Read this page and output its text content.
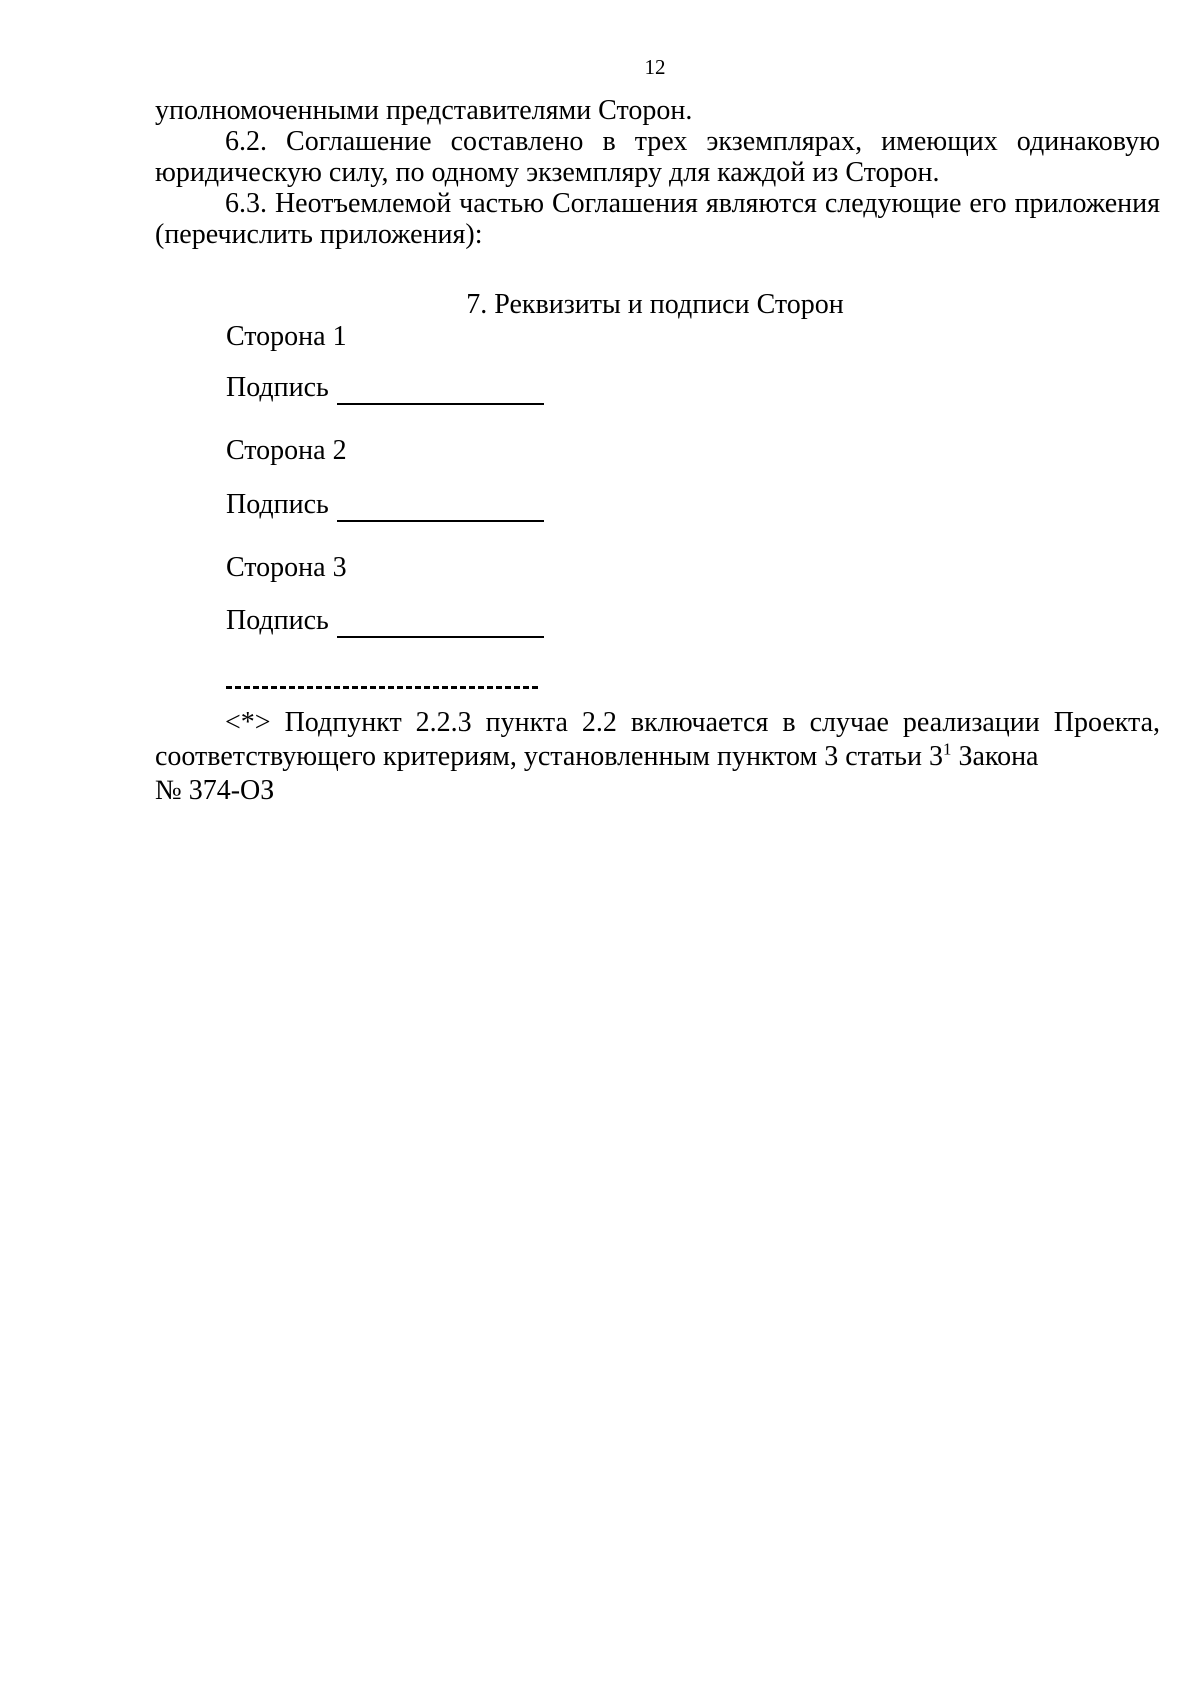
12

уполномоченными представителями Сторон.

6.2. Соглашение составлено в трех экземплярах, имеющих одинаковую юридическую силу, по одному экземпляру для каждой из Сторон.

6.3. Неотъемлемой частью Соглашения являются следующие его приложения (перечислить приложения):

7. Реквизиты и подписи Сторон
Сторона 1
Подпись
Сторона 2
Подпись
Сторона 3
Подпись

<*> Подпункт 2.2.3 пункта 2.2 включается в случае реализации Проекта, соответствующего критериям, установленным пунктом 3 статьи $3^1$ Закона

№ 374-ОЗ
